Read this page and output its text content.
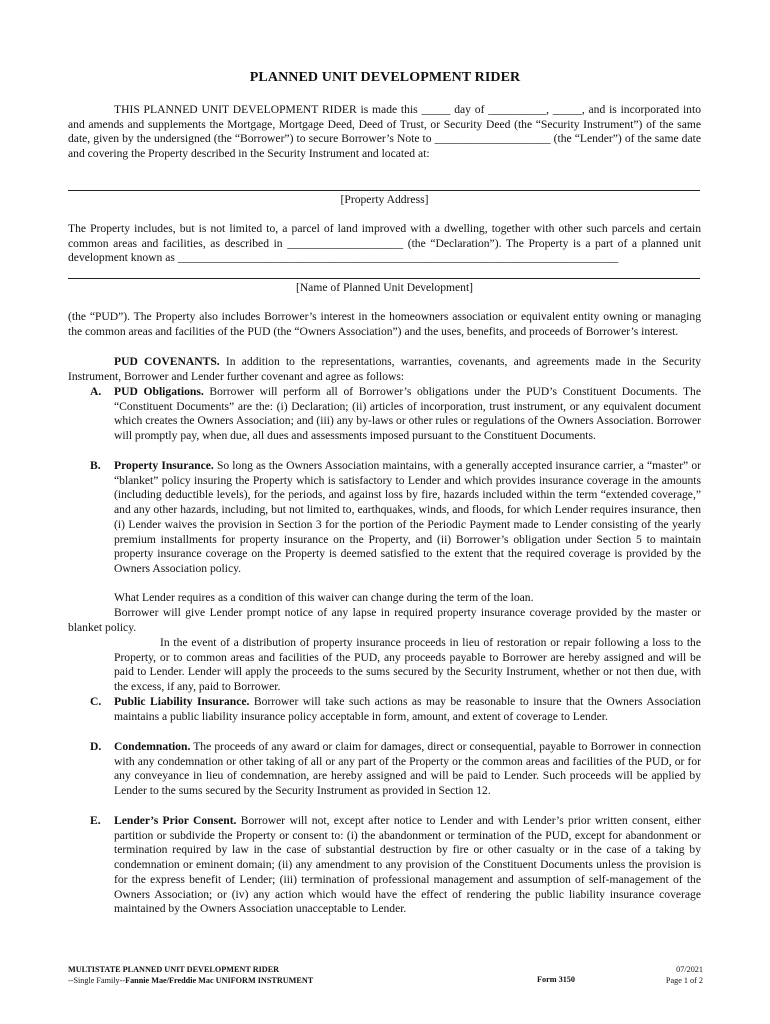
PLANNED UNIT DEVELOPMENT RIDER
THIS PLANNED UNIT DEVELOPMENT RIDER is made this _____ day of __________, _____, and is incorporated into and amends and supplements the Mortgage, Mortgage Deed, Deed of Trust, or Security Deed (the “Security Instrument”) of the same date, given by the undersigned (the “Borrower”) to secure Borrower’s Note to ____________________ (the “Lender”) of the same date and covering the Property described in the Security Instrument and located at:
[Property Address]
The Property includes, but is not limited to, a parcel of land improved with a dwelling, together with other such parcels and certain common areas and facilities, as described in ____________________ (the “Declaration”). The Property is a part of a planned unit development known as ____________________________________________________________________________
[Name of Planned Unit Development]
(the “PUD”). The Property also includes Borrower’s interest in the homeowners association or equivalent entity owning or managing the common areas and facilities of the PUD (the “Owners Association”) and the uses, benefits, and proceeds of Borrower’s interest.
PUD COVENANTS. In addition to the representations, warranties, covenants, and agreements made in the Security Instrument, Borrower and Lender further covenant and agree as follows:
A. PUD Obligations. Borrower will perform all of Borrower’s obligations under the PUD’s Constituent Documents. The “Constituent Documents” are the: (i) Declaration; (ii) articles of incorporation, trust instrument, or any equivalent document which creates the Owners Association; and (iii) any by-laws or other rules or regulations of the Owners Association. Borrower will promptly pay, when due, all dues and assessments imposed pursuant to the Constituent Documents.
B. Property Insurance. So long as the Owners Association maintains, with a generally accepted insurance carrier, a “master” or “blanket” policy insuring the Property which is satisfactory to Lender and which provides insurance coverage in the amounts (including deductible levels), for the periods, and against loss by fire, hazards included within the term “extended coverage,” and any other hazards, including, but not limited to, earthquakes, winds, and floods, for which Lender requires insurance, then (i) Lender waives the provision in Section 3 for the portion of the Periodic Payment made to Lender consisting of the yearly premium installments for property insurance on the Property, and (ii) Borrower’s obligation under Section 5 to maintain property insurance coverage on the Property is deemed satisfied to the extent that the required coverage is provided by the Owners Association policy.
What Lender requires as a condition of this waiver can change during the term of the loan.
Borrower will give Lender prompt notice of any lapse in required property insurance coverage provided by the master or blanket policy.
In the event of a distribution of property insurance proceeds in lieu of restoration or repair following a loss to the Property, or to common areas and facilities of the PUD, any proceeds payable to Borrower are hereby assigned and will be paid to Lender. Lender will apply the proceeds to the sums secured by the Security Instrument, whether or not then due, with the excess, if any, paid to Borrower.
C. Public Liability Insurance. Borrower will take such actions as may be reasonable to insure that the Owners Association maintains a public liability insurance policy acceptable in form, amount, and extent of coverage to Lender.
D. Condemnation. The proceeds of any award or claim for damages, direct or consequential, payable to Borrower in connection with any condemnation or other taking of all or any part of the Property or the common areas and facilities of the PUD, or for any conveyance in lieu of condemnation, are hereby assigned and will be paid to Lender. Such proceeds will be applied by Lender to the sums secured by the Security Instrument as provided in Section 12.
E. Lender’s Prior Consent. Borrower will not, except after notice to Lender and with Lender’s prior written consent, either partition or subdivide the Property or consent to: (i) the abandonment or termination of the PUD, except for abandonment or termination required by law in the case of substantial destruction by fire or other casualty or in the case of a taking by condemnation or eminent domain; (ii) any amendment to any provision of the Constituent Documents unless the provision is for the express benefit of Lender; (iii) termination of professional management and assumption of self-management of the Owners Association; or (iv) any action which would have the effect of rendering the public liability insurance coverage maintained by the Owners Association unacceptable to Lender.
MULTISTATE PLANNED UNIT DEVELOPMENT RIDER
--Single Family--Fannie Mae/Freddie Mac UNIFORM INSTRUMENT	Form 3150
07/2021
Page 1 of 2
